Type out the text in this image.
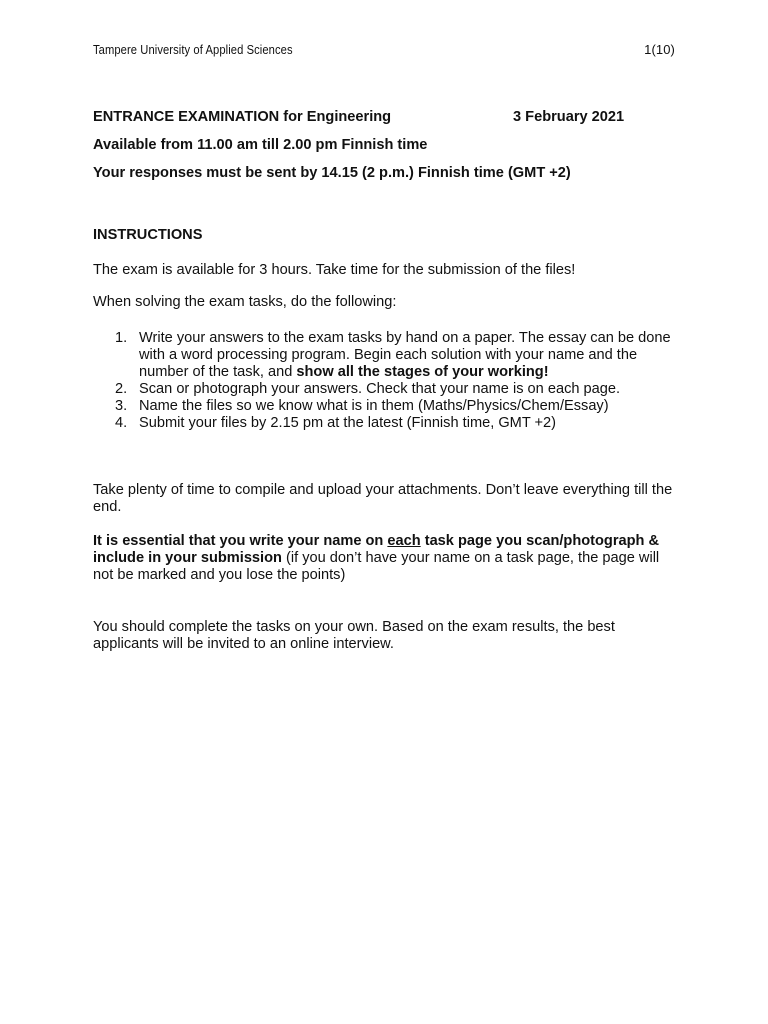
Tampere University of Applied Sciences	1(10)
ENTRANCE EXAMINATION for Engineering	3 February 2021
Available from 11.00 am till 2.00 pm Finnish time
Your responses must be sent by 14.15 (2 p.m.) Finnish time (GMT +2)
INSTRUCTIONS
The exam is available for 3 hours. Take time for the submission of the files!
When solving the exam tasks, do the following:
1. Write your answers to the exam tasks by hand on a paper. The essay can be done with a word processing program. Begin each solution with your name and the number of the task, and show all the stages of your working!
2. Scan or photograph your answers. Check that your name is on each page.
3. Name the files so we know what is in them (Maths/Physics/Chem/Essay)
4. Submit your files by 2.15 pm at the latest (Finnish time, GMT +2)
Take plenty of time to compile and upload your attachments. Don’t leave everything till the end.
It is essential that you write your name on each task page you scan/photograph & include in your submission (if you don’t have your name on a task page, the page will not be marked and you lose the points)
You should complete the tasks on your own. Based on the exam results, the best applicants will be invited to an online interview.
